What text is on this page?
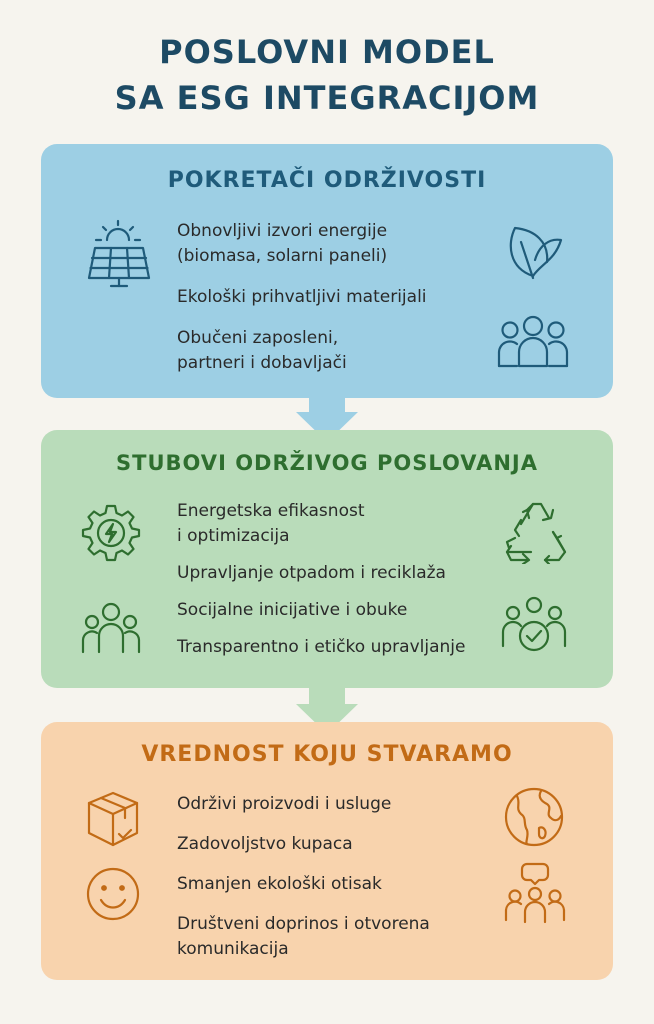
POSLOVNI MODEL
SA ESG INTEGRACIJOM
POKRETAČI ODRŽIVOSTI
Obnovljivi izvori energije
(biomasa, solarni paneli)
Ekološki prihvatljivi materijali
Obučeni zaposleni,
partneri i dobavljači
STUBOVI ODRŽIVOG POSLOVANJA
Energetska efikasnost
i optimizacija
Upravljanje otpadom i reciklaža
Socijalne inicijative i obuke
Transparentno i etičko upravljanje
VREDNOST KOJU STVARAMO
Održivi proizvodi i usluge
Zadovoljstvo kupaca
Smanjen ekološki otisak
Društveni doprinos i otvorena
komunikacija
